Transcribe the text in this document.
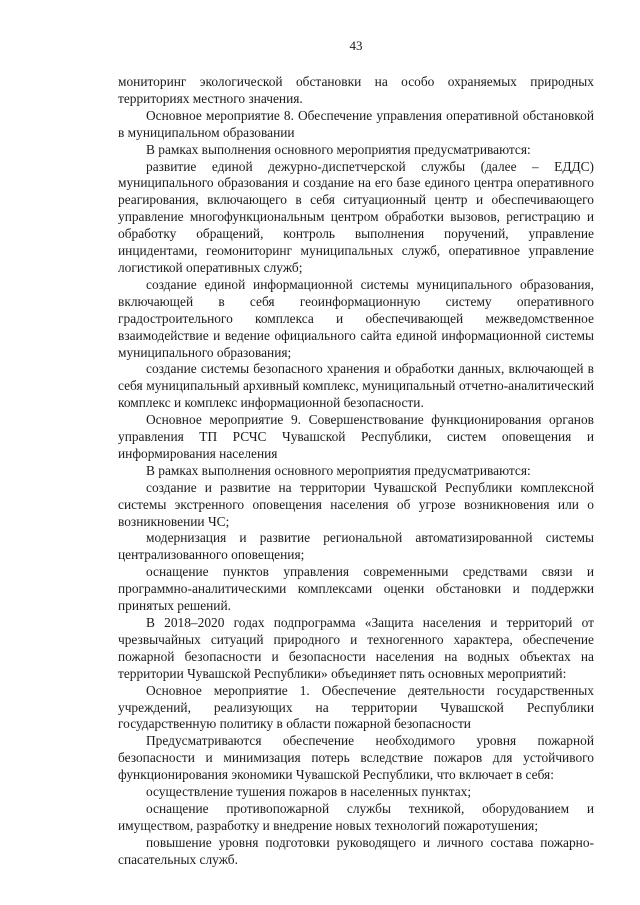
43

мониторинг экологической обстановки на особо охраняемых природных территориях местного значения.

Основное мероприятие 8. Обеспечение управления оперативной обстановкой в муниципальном образовании

В рамках выполнения основного мероприятия предусматриваются:

развитие единой дежурно-диспетчерской службы (далее – ЕДДС) муниципального образования и создание на его базе единого центра оперативного реагирования, включающего в себя ситуационный центр и обеспечивающего управление многофункциональным центром обработки вызовов, регистрацию и обработку обращений, контроль выполнения поручений, управление инцидентами, геомониторинг муниципальных служб, оперативное управление логистикой оперативных служб;

создание единой информационной системы муниципального образования, включающей в себя геоинформационную систему оперативного градостроительного комплекса и обеспечивающей межведомственное взаимодействие и ведение официального сайта единой информационной системы муниципального образования;

создание системы безопасного хранения и обработки данных, включающей в себя муниципальный архивный комплекс, муниципальный отчетно-аналитический комплекс и комплекс информационной безопасности.

Основное мероприятие 9. Совершенствование функционирования органов управления ТП РСЧС Чувашской Республики, систем оповещения и информирования населения

В рамках выполнения основного мероприятия предусматриваются:

создание и развитие на территории Чувашской Республики комплексной системы экстренного оповещения населения об угрозе возникновения или о возникновении ЧС;

модернизация и развитие региональной автоматизированной системы централизованного оповещения;

оснащение пунктов управления современными средствами связи и программно-аналитическими комплексами оценки обстановки и поддержки принятых решений.

В 2018–2020 годах подпрограмма «Защита населения и территорий от чрезвычайных ситуаций природного и техногенного характера, обеспечение пожарной безопасности и безопасности населения на водных объектах на территории Чувашской Республики» объединяет пять основных мероприятий:

Основное мероприятие 1. Обеспечение деятельности государственных учреждений, реализующих на территории Чувашской Республики государственную политику в области пожарной безопасности

Предусматриваются обеспечение необходимого уровня пожарной безопасности и минимизация потерь вследствие пожаров для устойчивого функционирования экономики Чувашской Республики, что включает в себя:

осуществление тушения пожаров в населенных пунктах;

оснащение противопожарной службы техникой, оборудованием и имуществом, разработку и внедрение новых технологий пожаротушения;

повышение уровня подготовки руководящего и личного состава пожарно-спасательных служб.
